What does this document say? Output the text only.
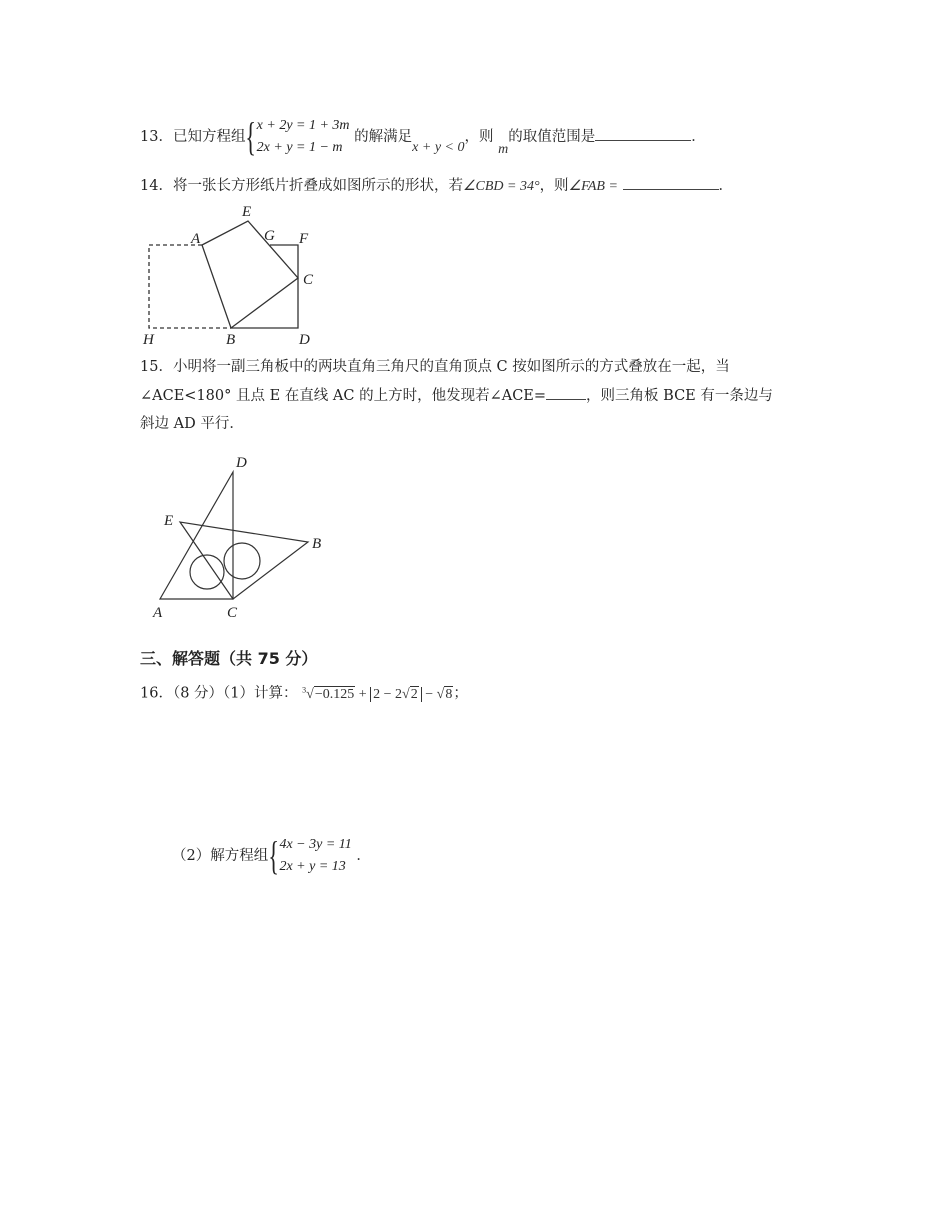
13．已知方程组{ x + 2y = 1 + 3m
2x + y = 1 − m
的解满足x + y < 0，则 m的取值范围是	．
14．将一张长方形纸片折叠成如图所示的形状，若∠CBD = 34°，则∠FAB =	．
E
A	G F
C
H	B	D
D
E
B
A	C
15．小明将一副三角板中的两块直角三角尺的直角顶点 C 按如图所示的方式叠放在一起，当
∠ACE<180° 且点 E 在直线 AC 的上方时，他发现若∠ACE=	，则三角板 BCE 有一条边与
斜边 AD 平行．
三、解答题（共 75 分）
16．（8 分）（1）计算： $^3$√−0.125 + 2 − 2√2 − √8；
（2）解方程组{ 4x − 3y = 11
2x + y = 13
．
